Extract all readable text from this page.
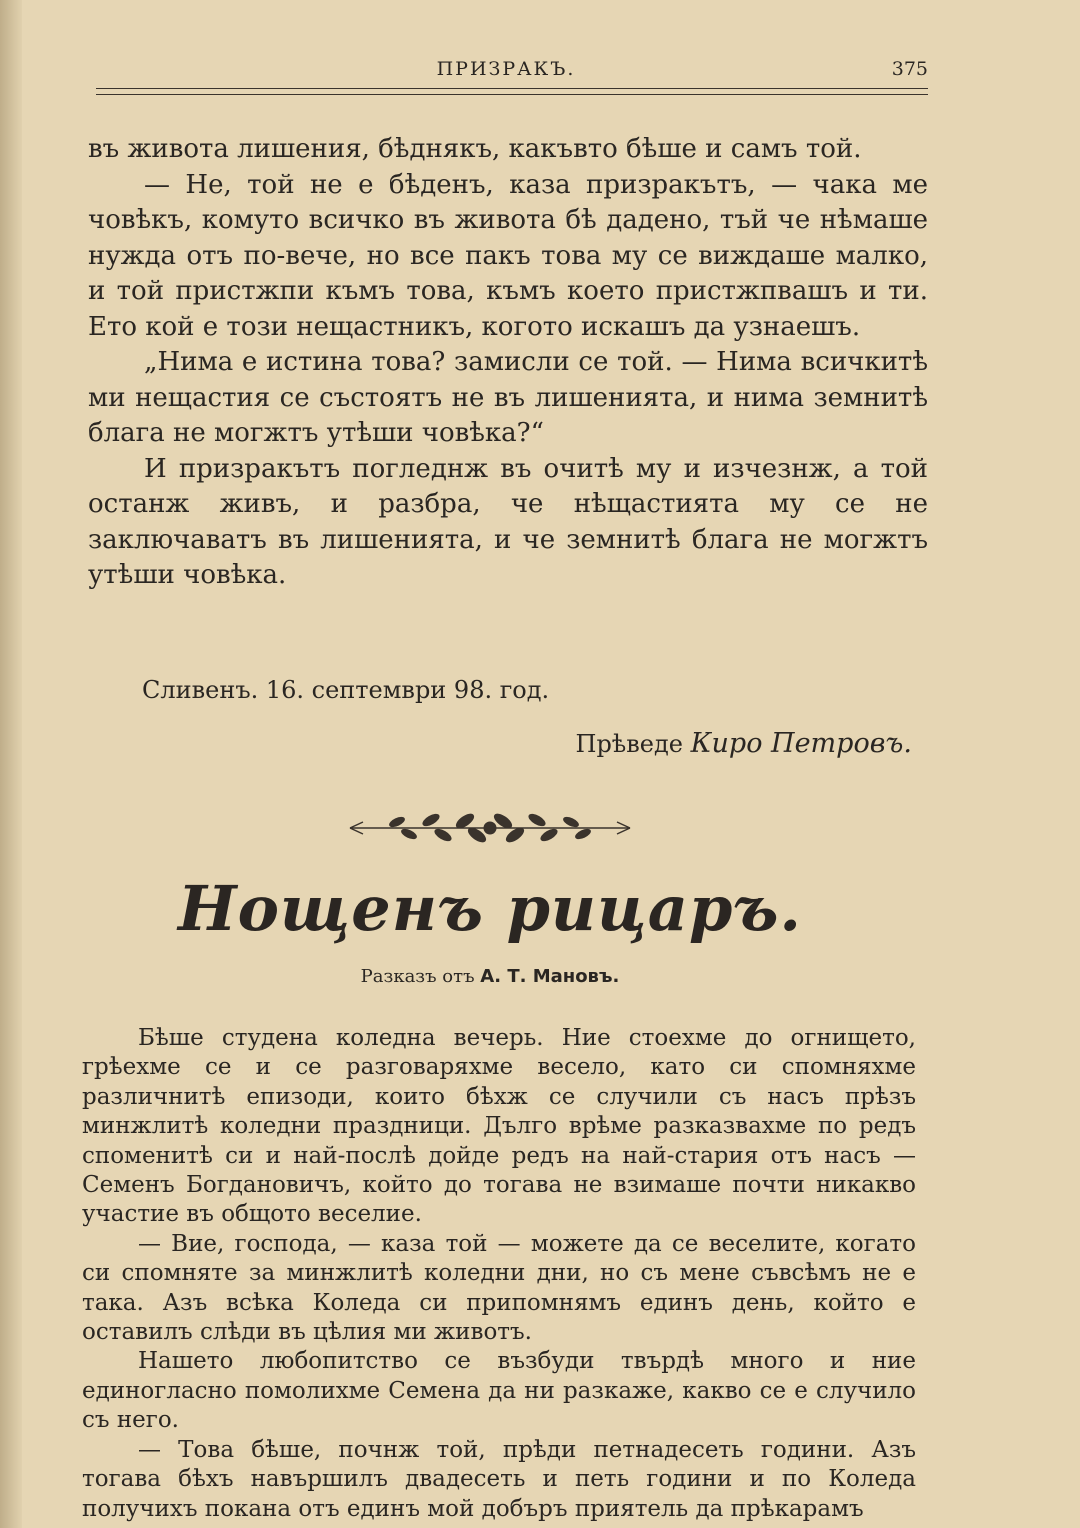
ПРИЗРАКЪ.	375

въ живота лишения, бѣднякъ, какъвто бѣше и самъ той.

— Не, той не е бѣденъ, каза призракътъ, — чака ме човѣкъ, комуто всичко въ живота бѣ дадено, тъй че нѣмаше нужда отъ по-вече, но все пакъ това му се виждаше малко, и той пристжпи къмъ това, къмъ което пристжпвашъ и ти. Ето кой е този нещастникъ, когото искашъ да узнаешъ.

„Нима е истина това? замисли се той. — Нима всичкитѣ ми нещастия се състоятъ не въ лишенията, и нима земнитѣ блага не могжтъ утѣши човѣка?“

И призракътъ погледнж въ очитѣ му и изчезнж, а той останж живъ, и разбра, че нѣщастията му се не заключаватъ въ лишенията, и че земнитѣ блага не могжтъ утѣши човѣка.

Сливенъ. 16. септември 98. год.
Прѣведе Киро Петровъ.
Нощенъ рицаръ.
Разказъ отъ А. Т. Мановъ.

Бѣше студена коледна вечерь. Ние стоехме до огнището, грѣехме се и се разговаряхме весело, като си спомняхме различнитѣ епизоди, които бѣхж се случили съ насъ прѣзъ минжлитѣ коледни праздници. Дълго врѣме разказвахме по редъ споменитѣ си и най-послѣ дойде редъ на най-стария отъ насъ — Семенъ Богдановичъ, който до тогава не взимаше почти никакво участие въ общото веселие.

— Вие, господа, — каза той — можете да се веселите, когато си спомняте за минжлитѣ коледни дни, но съ мене съвсѣмъ не е така. Азъ всѣка Коледа си припомнямъ единъ день, който е оставилъ слѣди въ цѣлия ми животъ.

Нашето любопитство се възбуди твърдѣ много и ние единогласно помолихме Семена да ни разкаже, какво се е случило съ него.

— Това бѣше, почнж той, прѣди петнадесеть години. Азъ тогава бѣхъ навършилъ двадесеть и петь години и по Коледа получихъ покана отъ единъ мой добъръ приятель да прѣкарамъ
